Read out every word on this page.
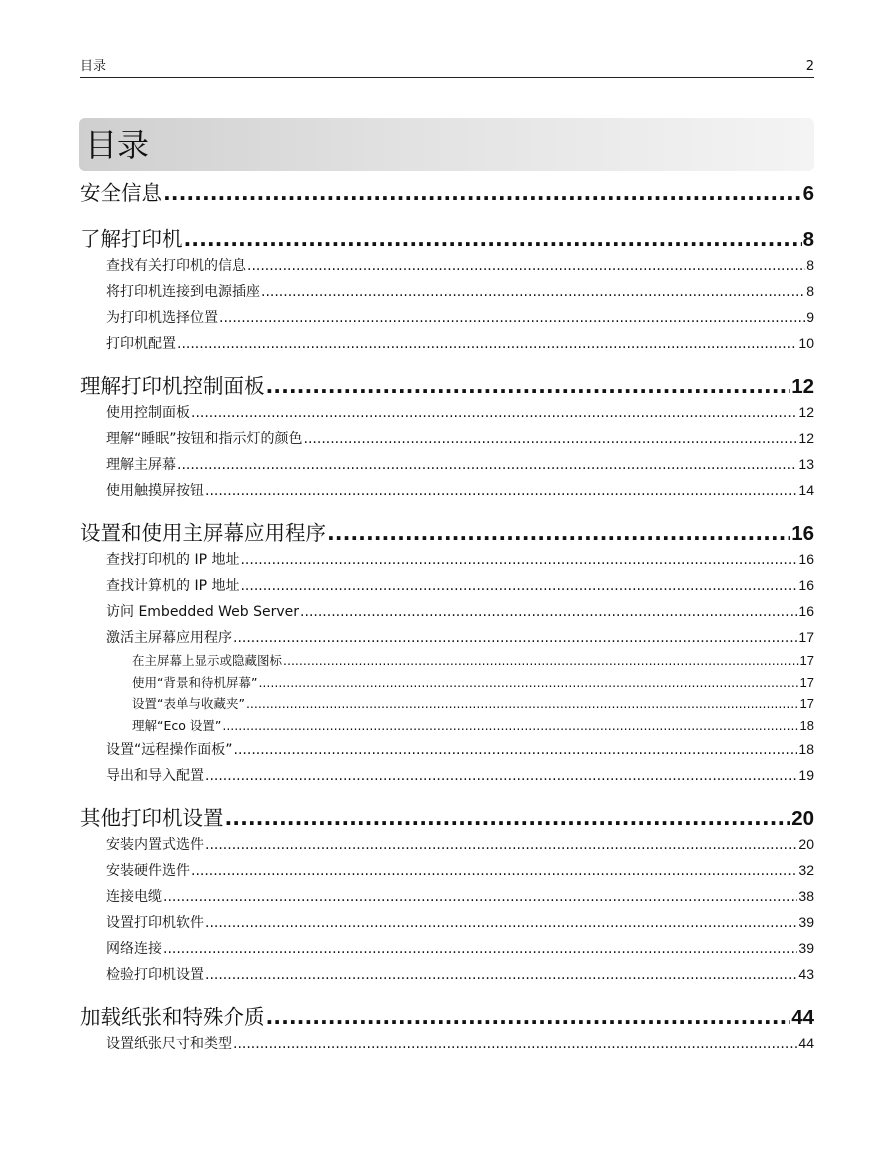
目录	2
目录
安全信息 .....	6
了解打印机 .....	8
查找有关打印机的信息 .....	8
将打印机连接到电源插座 .....	8
为打印机选择位置 .....	9
打印机配置 .....	10
理解打印机控制面板 .....	12
使用控制面板 .....	12
理解“睡眠”按钮和指示灯的颜色 .....	12
理解主屏幕 .....	13
使用触摸屏按钮 .....	14
设置和使用主屏幕应用程序 .....	16
查找打印机的 IP 地址 .....	16
查找计算机的 IP 地址 .....	16
访问 Embedded Web Server .....	16
激活主屏幕应用程序 .....	17
在主屏幕上显示或隐藏图标 .....	17
使用“背景和待机屏幕” .....	17
设置“表单与收藏夹” .....	17
理解“Eco 设置” .....	18
设置“远程操作面板” .....	18
导出和导入配置 .....	19
其他打印机设置 .....	20
安装内置式选件 .....	20
安装硬件选件 .....	32
连接电缆 .....	38
设置打印机软件 .....	39
网络连接 .....	39
检验打印机设置 .....	43
加载纸张和特殊介质 .....	44
设置纸张尺寸和类型 .....	44
